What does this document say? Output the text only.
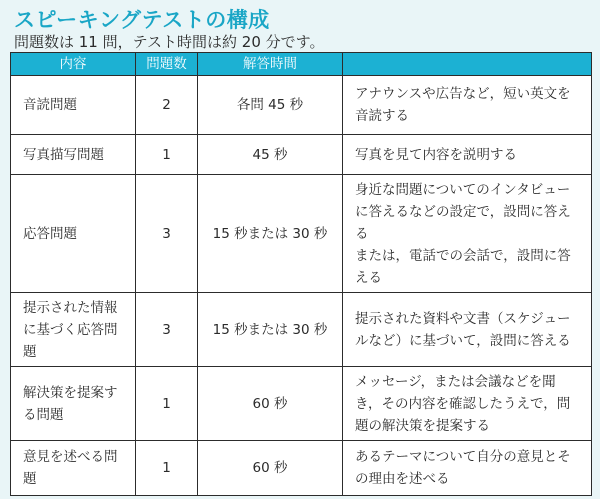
スピーキングテストの構成
問題数は 11 問，テスト時間は約 20 分です。
内容	問題数	解答時間	
音読問題	2	各問 45 秒	アナウンスや広告など，短い英文を音読する
写真描写問題	1	45 秒	写真を見て内容を説明する
応答問題	3	15 秒または 30 秒	身近な問題についてのインタビューに答えるなどの設定で，設問に答える
または，電話での会話で，設問に答える
提示された情報に基づく応答問題	3	15 秒または 30 秒	提示された資料や文書（スケジュールなど）に基づいて，設問に答える
解決策を提案する問題	1	60 秒	メッセージ，または会議などを聞き，その内容を確認したうえで，問題の解決策を提案する
意見を述べる問題	1	60 秒	あるテーマについて自分の意見とその理由を述べる
